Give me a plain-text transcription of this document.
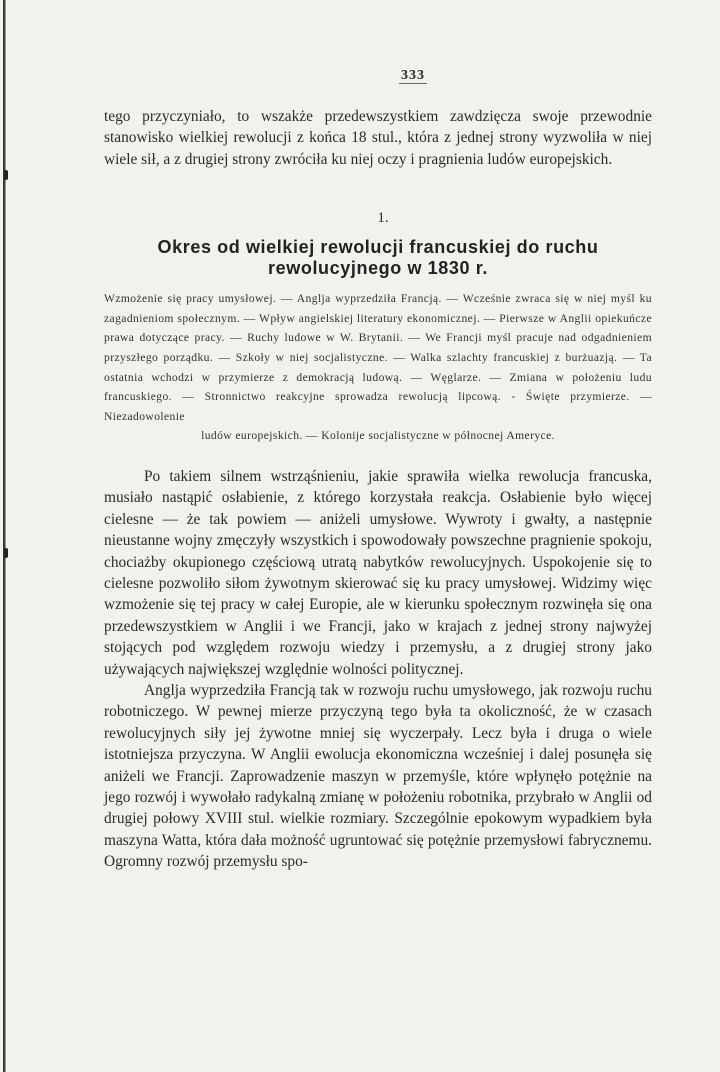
333

tego przyczyniało, to wszakże przedewszystkiem zawdzięcza swoje przewodnie stanowisko wielkiej rewolucji z końca 18 stul., która z jednej strony wyzwoliła w niej wiele sił, a z drugiej strony zwróciła ku niej oczy i pragnienia ludów europejskich.

1.
Okres od wielkiej rewolucji francuskiej do ruchu rewolucyjnego w 1830 r.

Wzmożenie się pracy umysłowej. — Anglja wyprzedziła Francją. — Wcześnie zwraca się w niej myśl ku zagadnieniom społecznym. — Wpływ angielskiej literatury ekonomicznej. — Pierwsze w Anglii opiekuńcze prawa dotyczące pracy. — Ruchy ludowe w W. Brytanii. — We Francji myśl pracuje nad odgadnieniem przyszłego porządku. — Szkoły w niej socjalistyczne. — Walka szlachty francuskiej z burżuazją. — Ta ostatnia wchodzi w przymierze z demokracją ludową. — Węglarze. — Zmiana w położeniu ludu francuskiego. — Stronnictwo reakcyjne sprowadza rewolucją lipcową. - Święte przymierze. — Niezadowolenie
ludów europejskich. — Kolonije socjalistyczne w północnej Ameryce.

Po takiem silnem wstrząśnieniu, jakie sprawiła wielka rewolucja francuska, musiało nastąpić osłabienie, z którego korzystała reakcja. Osłabienie było więcej cielesne — że tak powiem — aniżeli umysłowe. Wywroty i gwałty, a następnie nieustanne wojny zmęczyły wszystkich i spowodowały powszechne pragnienie spokoju, chociażby okupionego częściową utratą nabytków rewolucyjnych. Uspokojenie się to cielesne pozwoliło siłom żywotnym skierować się ku pracy umysłowej. Widzimy więc wzmożenie się tej pracy w całej Europie, ale w kierunku społecznym rozwinęła się ona przedewszystkiem w Anglii i we Francji, jako w krajach z jednej strony najwyżej stojących pod względem rozwoju wiedzy i przemysłu, a z drugiej strony jako używających największej względnie wolności politycznej.

Anglja wyprzedziła Francją tak w rozwoju ruchu umysłowego, jak rozwoju ruchu robotniczego. W pewnej mierze przyczyną tego była ta okoliczność, że w czasach rewolucyjnych siły jej żywotne mniej się wyczerpały. Lecz była i druga o wiele istotniejsza przyczyna. W Anglii ewolucja ekonomiczna wcześniej i dalej posunęła się aniżeli we Francji. Zaprowadzenie maszyn w przemyśle, które wpłynęło potężnie na jego rozwój i wywołało radykalną zmianę w położeniu robotnika, przybrało w Anglii od drugiej połowy XVIII stul. wielkie rozmiary. Szczególnie epokowym wypadkiem była maszyna Watta, która dała możność ugruntować się potężnie przemysłowi fabrycznemu. Ogromny rozwój przemysłu spo-
